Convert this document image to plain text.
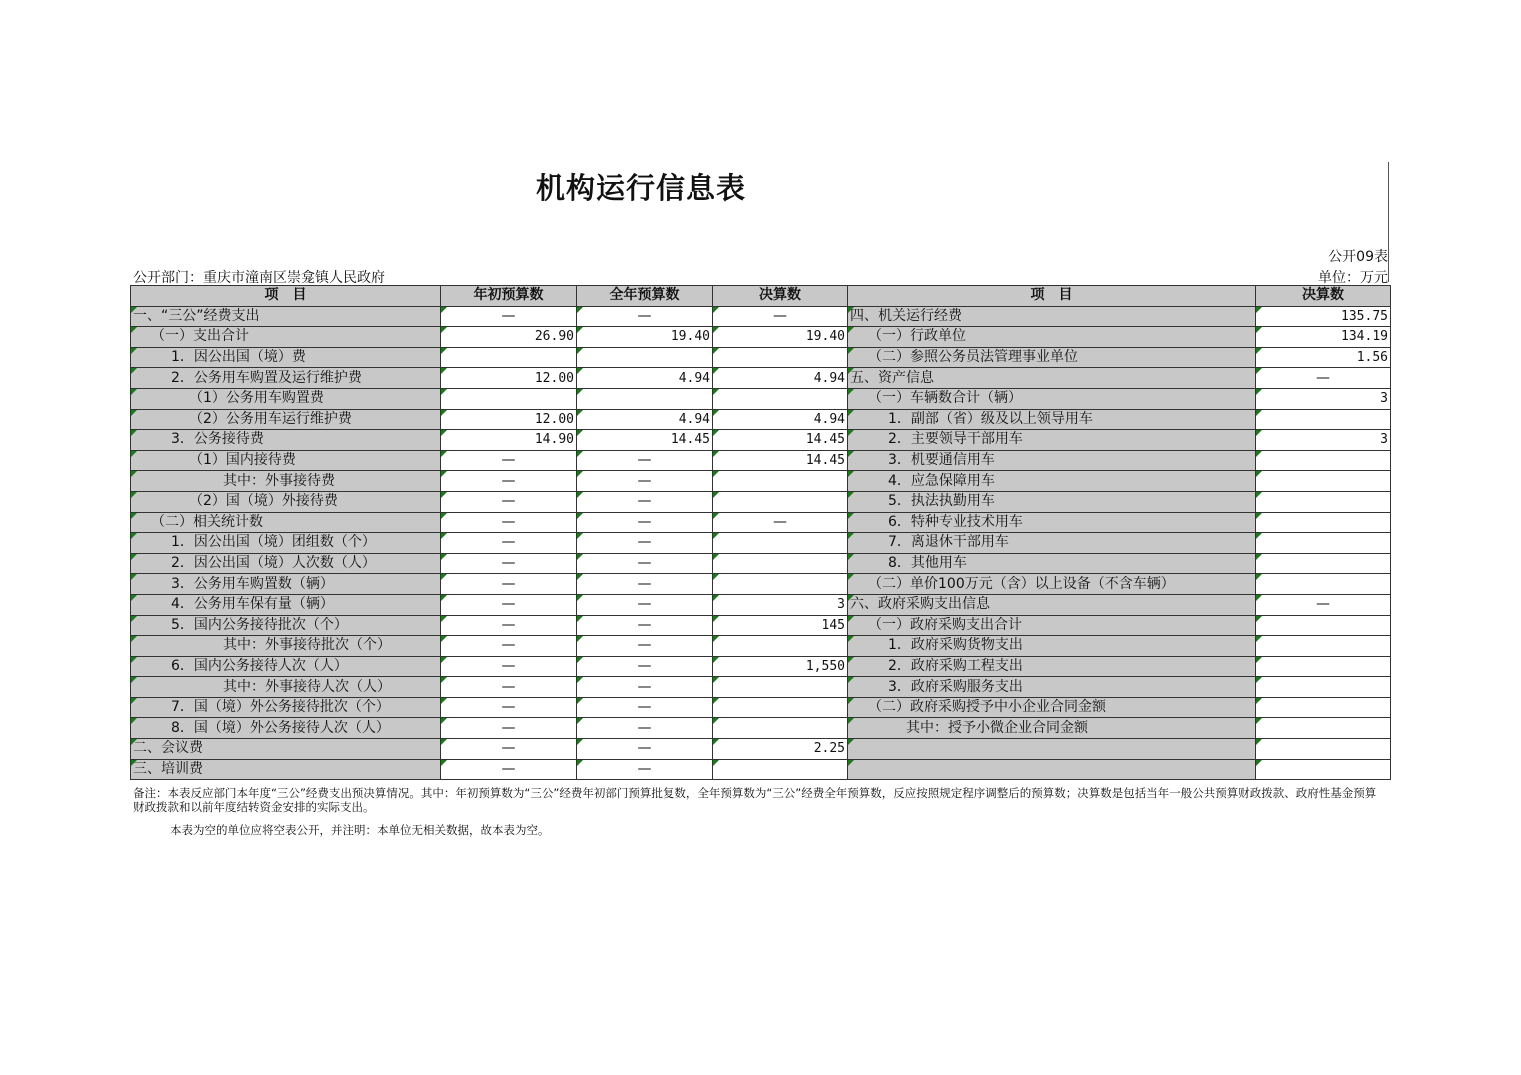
机构运行信息表
公开09表
单位：万元
公开部门：重庆市潼南区崇龛镇人民政府
项　目	年初预算数	全年预算数	决算数	项　目	决算数
一、“三公”经费支出	—	—	—	四、机关运行经费	135.75
（一）支出合计	26.90	19.40	19.40	（一）行政单位	134.19
1．因公出国（境）费				（二）参照公务员法管理事业单位	1.56
2．公务用车购置及运行维护费	12.00	4.94	4.94	五、资产信息	—
（1）公务用车购置费				（一）车辆数合计（辆）	3
（2）公务用车运行维护费	12.00	4.94	4.94	1．副部（省）级及以上领导用车	
3．公务接待费	14.90	14.45	14.45	2．主要领导干部用车	3
（1）国内接待费	—	—	14.45	3．机要通信用车	
其中：外事接待费	—	—		4．应急保障用车	
（2）国（境）外接待费	—	—		5．执法执勤用车	
（二）相关统计数	—	—	—	6．特种专业技术用车	
1．因公出国（境）团组数（个）	—	—		7．离退休干部用车	
2．因公出国（境）人次数（人）	—	—		8．其他用车	
3．公务用车购置数（辆）	—	—		（二）单价100万元（含）以上设备（不含车辆）	
4．公务用车保有量（辆）	—	—	3	六、政府采购支出信息	—
5．国内公务接待批次（个）	—	—	145	（一）政府采购支出合计	
其中：外事接待批次（个）	—	—		1．政府采购货物支出	
6．国内公务接待人次（人）	—	—	1,550	2．政府采购工程支出	
其中：外事接待人次（人）	—	—		3．政府采购服务支出	
7．国（境）外公务接待批次（个）	—	—		（二）政府采购授予中小企业合同金额	
8．国（境）外公务接待人次（人）	—	—		其中：授予小微企业合同金额	
二、会议费	—	—	2.25		
三、培训费	—	—			
备注：本表反应部门本年度“三公”经费支出预决算情况。其中：年初预算数为“三公”经费年初部门预算批复数，全年预算数为“三公”经费全年预算数，反应按照规定程序调整后的预算数；决算数是包括当年一般公共预算财政拨款、政府性基金预算财政拨款和以前年度结转资金安排的实际支出。
本表为空的单位应将空表公开，并注明：本单位无相关数据，故本表为空。
